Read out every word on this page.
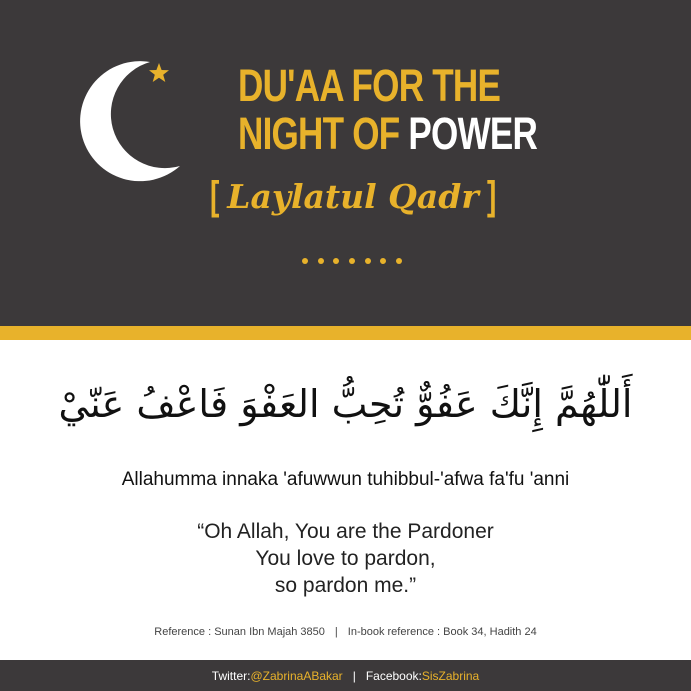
DU'AA FOR THE
NIGHT OF POWER
[ Laylatul Qadr ]
أَللّٰهُمَّ إِنَّكَ عَفُوٌّ تُحِبُّ العَفْوَ فَاعْفُ عَنّيْ
Allahumma innaka 'afuwwun tuhibbul-'afwa fa'fu 'anni
“Oh Allah, You are the Pardoner
You love to pardon,
so pardon me.”
Reference : Sunan Ibn Majah 3850 | In-book reference : Book 34, Hadith 24
Twitter: @ZabrinaABakar | Facebook: SisZabrina
